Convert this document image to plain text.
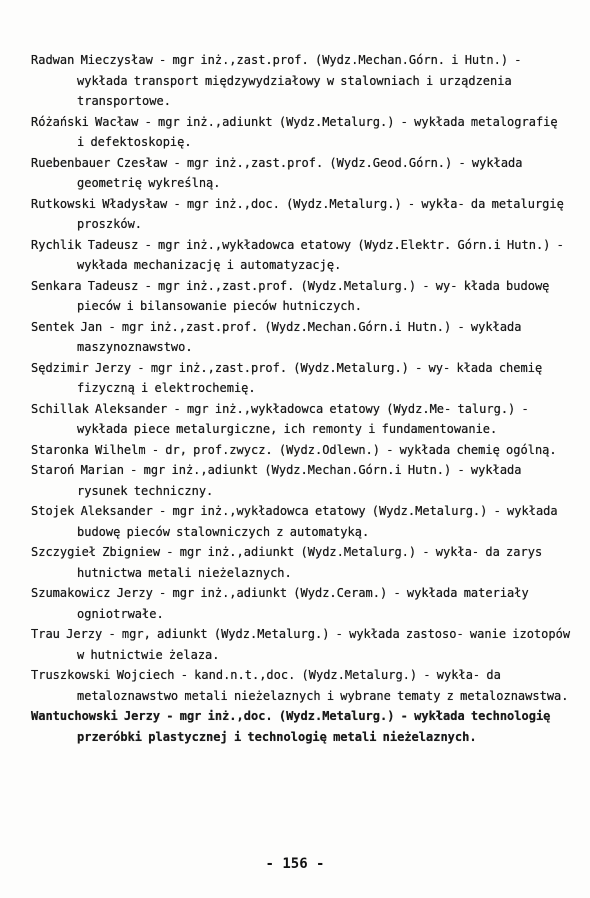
Radwan Mieczysław - mgr inż.,zast.prof. (Wydz.Mechan.Górn. i Hutn.) - wykłada transport międzywydziałowy w stalowniach i urządzenia transportowe.

Różański Wacław - mgr inż.,adiunkt (Wydz.Metalurg.) - wykłada metalografię i defektoskopię.

Ruebenbauer Czesław - mgr inż.,zast.prof. (Wydz.Geod.Górn.) - wykłada geometrię wykreślną.

Rutkowski Władysław - mgr inż.,doc. (Wydz.Metalurg.) - wykła- da metalurgię proszków.

Rychlik Tadeusz - mgr inż.,wykładowca etatowy (Wydz.Elektr. Górn.i Hutn.) - wykłada mechanizację i automatyzację.

Senkara Tadeusz - mgr inż.,zast.prof. (Wydz.Metalurg.) - wy- kłada budowę pieców i bilansowanie pieców hutniczych.

Sentek Jan - mgr inż.,zast.prof. (Wydz.Mechan.Górn.i Hutn.) - wykłada maszynoznawstwo.

Sędzimir Jerzy - mgr inż.,zast.prof. (Wydz.Metalurg.) - wy- kłada chemię fizyczną i elektrochemię.

Schillak Aleksander - mgr inż.,wykładowca etatowy (Wydz.Me- talurg.) - wykłada piece metalurgiczne, ich remonty i fundamentowanie.

Staronka Wilhelm - dr, prof.zwycz. (Wydz.Odlewn.) - wykłada chemię ogólną.

Staroń Marian - mgr inż.,adiunkt (Wydz.Mechan.Górn.i Hutn.) - wykłada rysunek techniczny.

Stojek Aleksander - mgr inż.,wykładowca etatowy (Wydz.Metalurg.) - wykłada budowę pieców stalowniczych z automatyką.

Szczygieł Zbigniew - mgr inż.,adiunkt (Wydz.Metalurg.) - wykła- da zarys hutnictwa metali nieżelaznych.

Szumakowicz Jerzy - mgr inż.,adiunkt (Wydz.Ceram.) - wykłada materiały ogniotrwałe.

Trau Jerzy - mgr, adiunkt (Wydz.Metalurg.) - wykłada zastoso- wanie izotopów w hutnictwie żelaza.

Truszkowski Wojciech - kand.n.t.,doc. (Wydz.Metalurg.) - wykła- da metaloznawstwo metali nieżelaznych i wybrane tematy z metaloznawstwa.

Wantuchowski Jerzy - mgr inż.,doc. (Wydz.Metalurg.) - wykłada technologię przeróbki plastycznej i technologię metali nieżelaznych.

- 156 -
